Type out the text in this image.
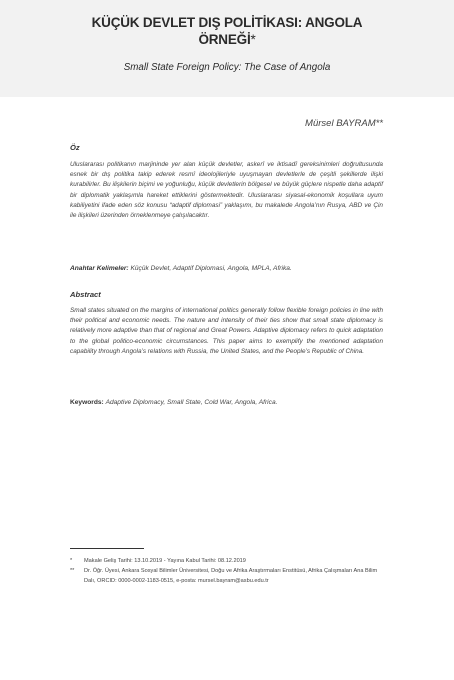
KÜÇÜK DEVLET DIŞ POLİTİKASI: ANGOLA
ÖRNEĞİ*
Small State Foreign Policy: The Case of Angola
Mürsel BAYRAM**
Öz

Uluslararası politikanın marjininde yer alan küçük devletler, askerî ve iktisadî gereksinimleri doğrultusunda esnek bir dış politika takip ederek resmî ideolojileriyle uyuşmayan devletlerle de çeşitli şekillerde ilişki kurabilirler. Bu ilişkilerin biçimi ve yoğunluğu, küçük devletlerin bölgesel ve büyük güçlere nispetle daha adaptif bir diplomatik yaklaşımla hareket ettiklerini göstermektedir. Uluslararası siyasal-ekonomik koşullara uyum kabiliyetini ifade eden söz konusu “adaptif diplomasi” yaklaşımı, bu makalede Angola’nın Rusya, ABD ve Çin ile ilişkileri üzerinden örneklenmeye çalışılacaktır.

Anahtar Kelimeler: Küçük Devlet, Adaptif Diplomasi, Angola, MPLA, Afrika.
Abstract

Small states situated on the margins of international politics generally follow flexible foreign policies in line with their political and economic needs. The nature and intensity of their ties show that small state diplomacy is relatively more adaptive than that of regional and Great Powers. Adaptive diplomacy refers to quick adaptation to the global politico-economic circumstances. This paper aims to exemplify the mentioned adaptation capability through Angola’s relations with Russia, the United States, and the People’s Republic of China.

Keywords: Adaptive Diplomacy, Small State, Cold War, Angola, Africa.
*	Makale Geliş Tarihi: 13.10.2019 - Yayına Kabul Tarihi: 08.12.2019
**	Dr. Öğr. Üyesi, Ankara Sosyal Bilimler Üniversitesi, Doğu ve Afrika Araştırmaları Enstitüsü, Afrika Çalışmaları Ana Bilim Dalı, ORCID: 0000-0002-1183-0515, e-posta: mursel.bayram@asbu.edu.tr
